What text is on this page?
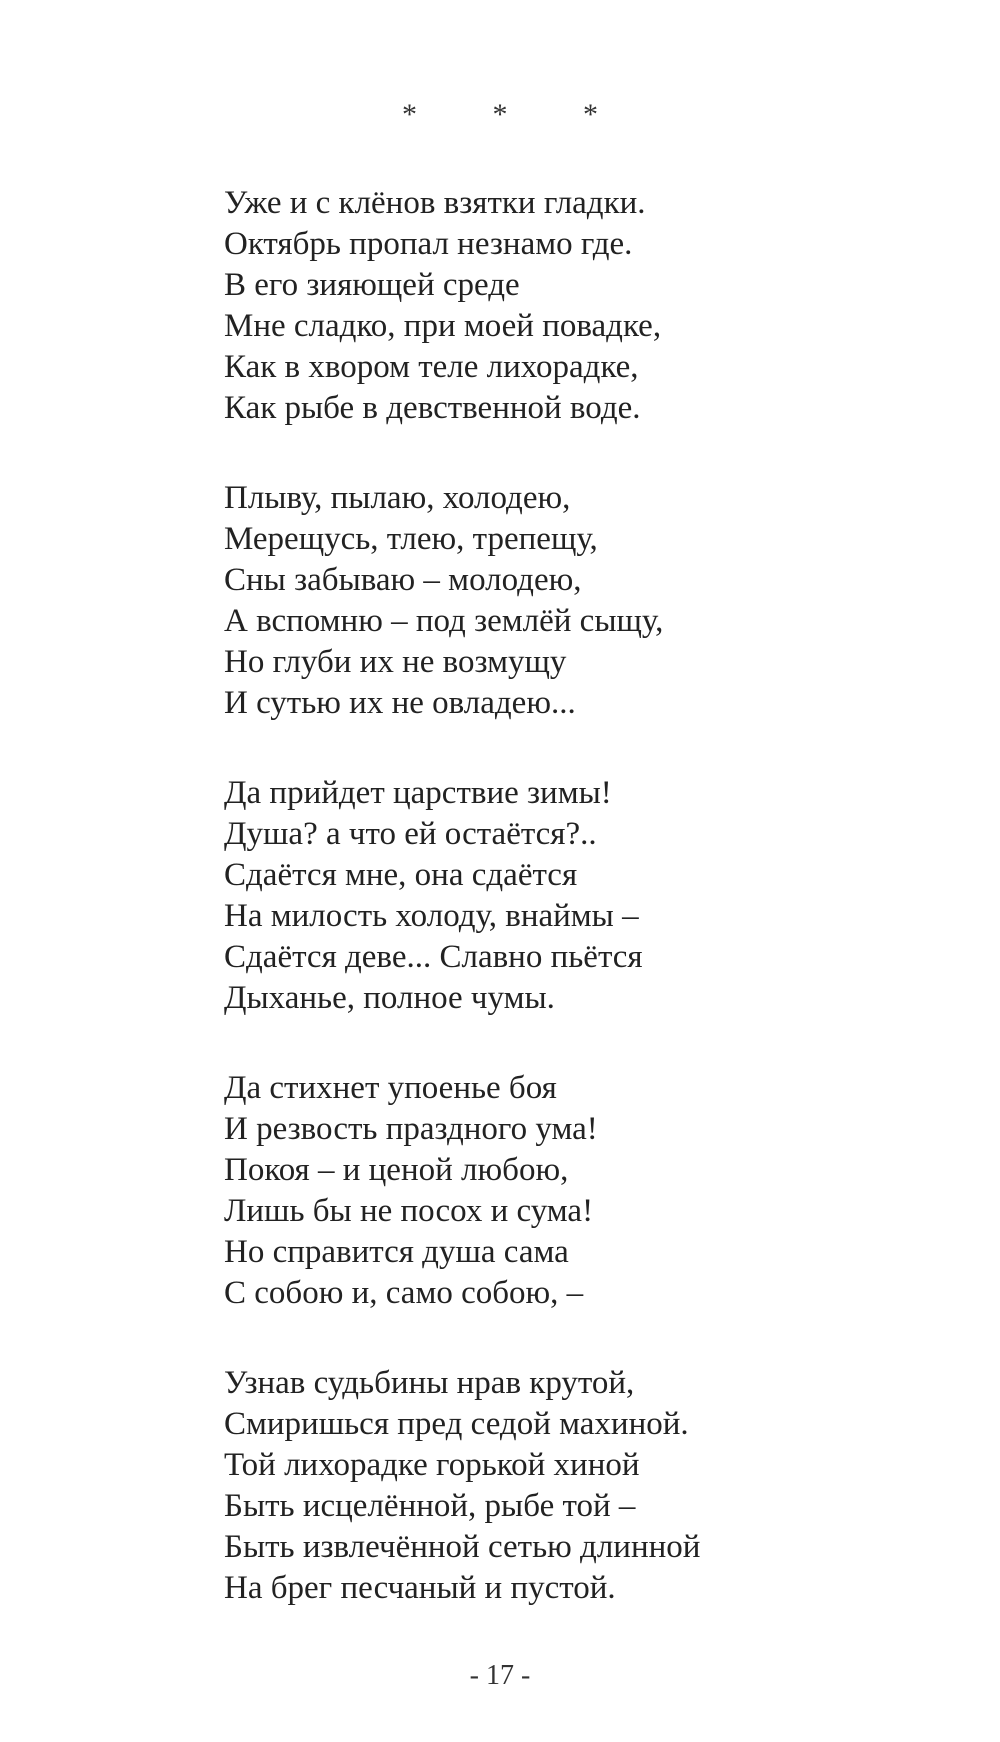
* * *
Уже и с клёнов взятки гладки.
Октябрь пропал незнамо где.
В его зияющей среде
Мне сладко, при моей повадке,
Как в хвором теле лихорадке,
Как рыбе в девственной воде.
Плыву, пылаю, холодею,
Мерещусь, тлею, трепещу,
Сны забываю – молодею,
А вспомню – под землёй сыщу,
Но глуби их не возмущу
И сутью их не овладею...
Да прийдет царствие зимы!
Душа? а что ей остаётся?..
Сдаётся мне, она сдаётся
На милость холоду, внаймы –
Сдаётся деве... Славно пьётся
Дыханье, полное чумы.
Да стихнет упоенье боя
И резвость праздного ума!
Покоя – и ценой любою,
Лишь бы не посох и сума!
Но справится душа сама
С собою и, само собою, –
Узнав судьбины нрав крутой,
Смиришься пред седой махиной.
Той лихорадке горькой хиной
Быть исцелённой, рыбе той –
Быть извлечённой сетью длинной
На брег песчаный и пустой.
- 17 -
